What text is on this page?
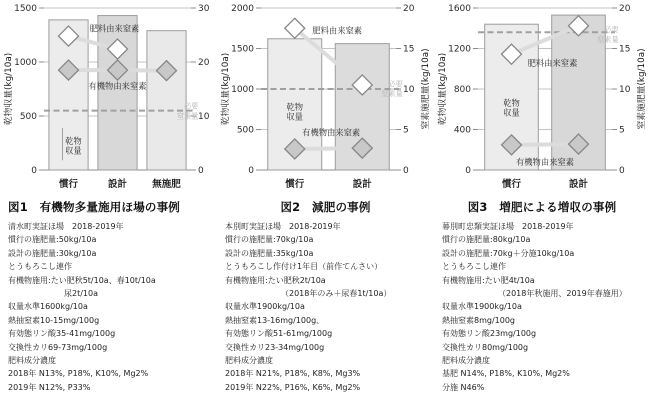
0
500
1000
1500
0
10
20
30
肥料由来窒素
有機物由来窒素
乾物
収量
必要
窒素量
慣行	設計	無施肥
乾物収量(kg/10a)
図1　有機物多量施用ほ場の事例
清水町実証ほ場　2018-2019年
慣行の施肥量:50kg/10a
設計の施肥量:30kg/10a
とうもろこし連作
有機物施用:たい肥秋5t/10a、春10t/10a
尿2t/10a
収量水準1600kg/10a
熱抽窒素10-15mg/100g
有効態リン酸35-41mg/100g
交換性カリ69-73mg/100g
肥料成分濃度
2018年 N13%, P18%, K10%, Mg2%
2019年 N12%, P33%
0
500
1000
1500
2000
0
5
10
15
20
肥料由来窒素
乾物
収量
有機物由来窒素
必要
窒素量
慣行	設計
乾物収量(kg/10a)	窒素施肥量(kg/10a)
図2　減肥の事例
本別町実証ほ場　2018-2019年
慣行の施肥量:70kg/10a
設計の施肥量:35kg/10a
とうもろこし作付け1年目（前作てんさい）
有機物施用:たい肥秋2t/10a
（2018年のみ＋尿春1t/10a）
収量水準1900kg/10a
熱抽窒素13-16mg/100g、
有効態リン酸51-61mg/100g
交換性カリ23-34mg/100g
肥料成分濃度
2018年 N21%, P18%, K8%, Mg3%
2019年 N22%, P16%, K6%, Mg2%
0
400
800
1200
1600
0
5
10
15
20
肥料由来窒素
乾物
収量
有機物由来窒素
必要
窒素量
慣行	設計
乾物収量(kg/10a)	窒素施肥量(kg/10a)
図3　増肥による増収の事例
幕別町忠類実証ほ場　2018-2019年
慣行の施肥量:80kg/10a
設計の施肥量:70kg＋分施10kg/10a
とうもろこし連作
有機物施用:たい肥4t/10a
（2018年秋施用、2019年春施用）
収量水準1900kg/10a
熱抽窒素8mg/100g
有効態リン酸23mg/100g
交換性カリ80mg/100g
肥料成分濃度
基肥 N14%, P18%, K10%, Mg2%
分施 N46%
